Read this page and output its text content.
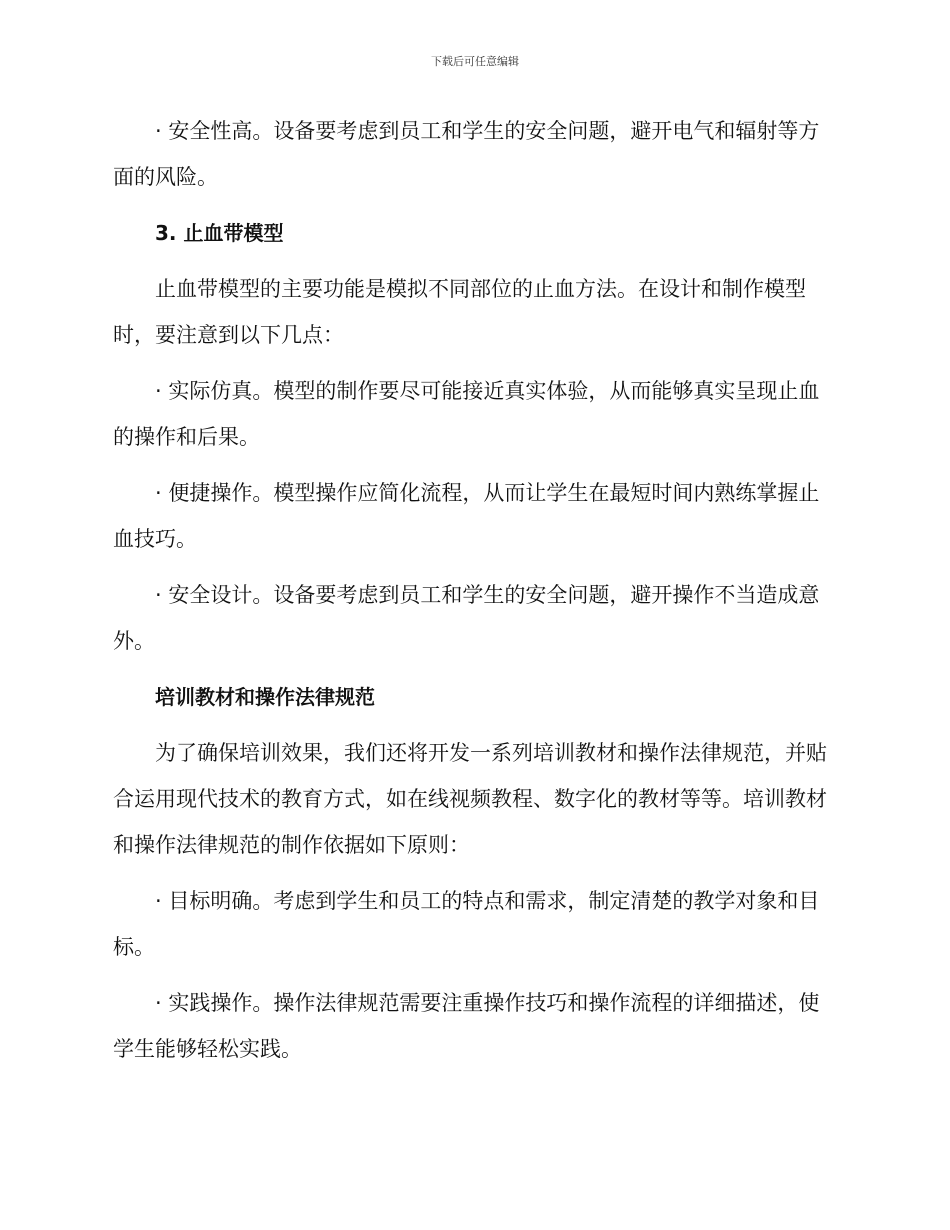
下载后可任意编辑

· 安全性高。设备要考虑到员工和学生的安全问题，避开电气和辐射等方面的风险。

3. 止血带模型

止血带模型的主要功能是模拟不同部位的止血方法。在设计和制作模型时，要注意到以下几点：

· 实际仿真。模型的制作要尽可能接近真实体验，从而能够真实呈现止血的操作和后果。

· 便捷操作。模型操作应简化流程，从而让学生在最短时间内熟练掌握止血技巧。

· 安全设计。设备要考虑到员工和学生的安全问题，避开操作不当造成意外。

培训教材和操作法律规范

为了确保培训效果，我们还将开发一系列培训教材和操作法律规范，并贴合运用现代技术的教育方式，如在线视频教程、数字化的教材等等。培训教材和操作法律规范的制作依据如下原则：

· 目标明确。考虑到学生和员工的特点和需求，制定清楚的教学对象和目标。

· 实践操作。操作法律规范需要注重操作技巧和操作流程的详细描述，使学生能够轻松实践。
